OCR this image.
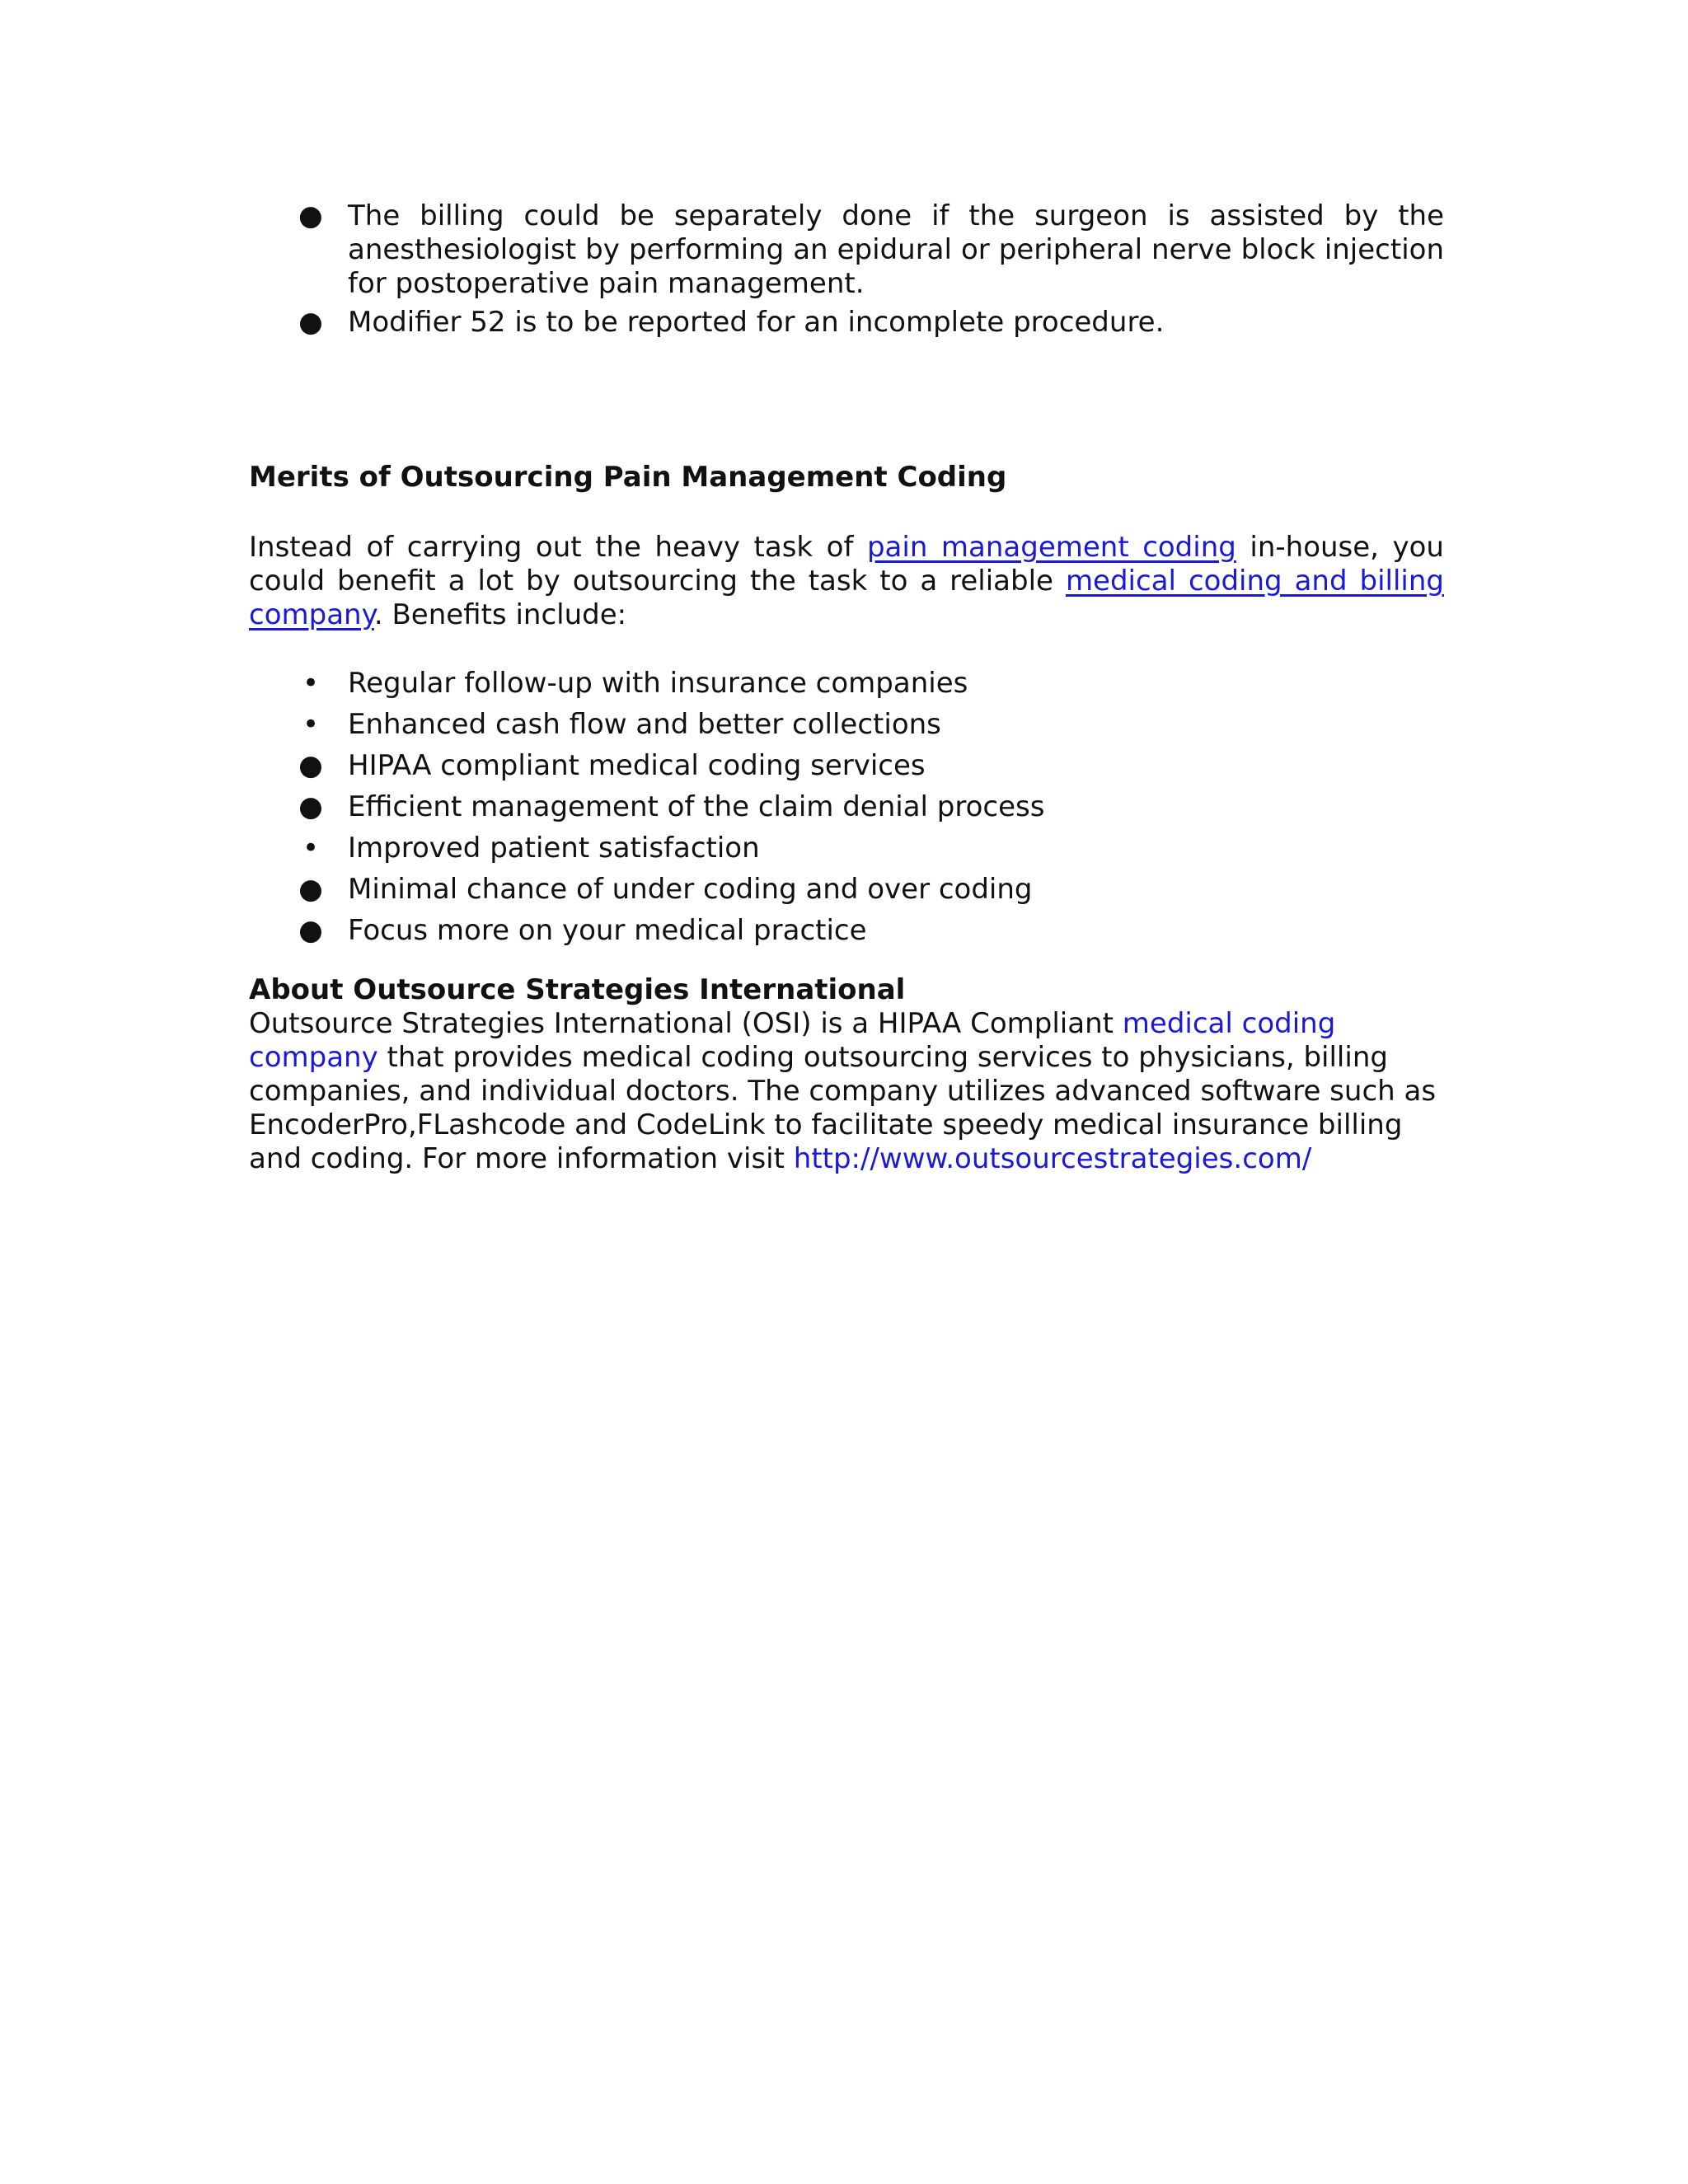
● The billing could be separately done if the surgeon is assisted by the anesthesiologist by performing an epidural or peripheral nerve block injection for postoperative pain management.
● Modifier 52 is to be reported for an incomplete procedure.
Merits of Outsourcing Pain Management Coding

Instead of carrying out the heavy task of pain management coding in-house, you could benefit a lot by outsourcing the task to a reliable medical coding and billing company. Benefits include:

• Regular follow-up with insurance companies
• Enhanced cash flow and better collections
● HIPAA compliant medical coding services
● Efficient management of the claim denial process
• Improved patient satisfaction
● Minimal chance of under coding and over coding
● Focus more on your medical practice
About Outsource Strategies International

Outsource Strategies International (OSI) is a HIPAA Compliant medical coding company that provides medical coding outsourcing services to physicians, billing companies, and individual doctors. The company utilizes advanced software such as EncoderPro,FLashcode and CodeLink to facilitate speedy medical insurance billing and coding. For more information visit http://www.outsourcestrategies.com/
